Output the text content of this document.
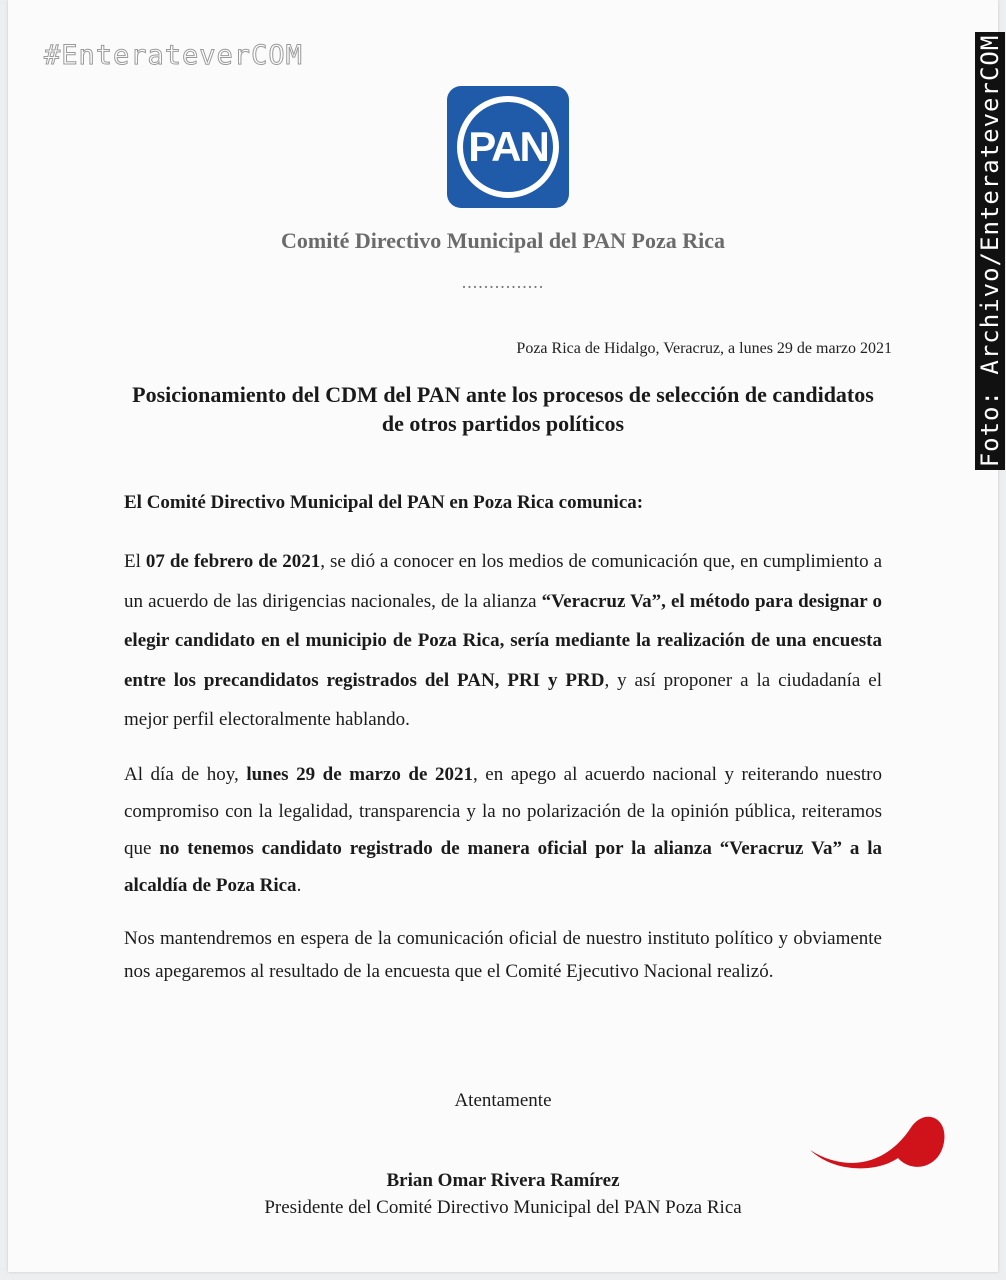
#EnterateverCOM	Foto: Archivo/EnterateverCOM
PAN
Comité Directivo Municipal del PAN Poza Rica
...............
Poza Rica de Hidalgo, Veracruz, a lunes 29 de marzo 2021
Posicionamiento del CDM del PAN ante los procesos de selección de candidatos de otros partidos políticos
El Comité Directivo Municipal del PAN en Poza Rica comunica:
El 07 de febrero de 2021, se dió a conocer en los medios de comunicación que, en cumplimiento a un acuerdo de las dirigencias nacionales, de la alianza “Veracruz Va”, el método para designar o elegir candidato en el municipio de Poza Rica, sería mediante la realización de una encuesta entre los precandidatos registrados del PAN, PRI y PRD, y así proponer a la ciudadanía el mejor perfil electoralmente hablando.
Al día de hoy, lunes 29 de marzo de 2021, en apego al acuerdo nacional y reiterando nuestro compromiso con la legalidad, transparencia y la no polarización de la opinión pública, reiteramos que no tenemos candidato registrado de manera oficial por la alianza “Veracruz Va” a la alcaldía de Poza Rica.
Nos mantendremos en espera de la comunicación oficial de nuestro instituto político y obviamente nos apegaremos al resultado de la encuesta que el Comité Ejecutivo Nacional realizó.
Atentamente
Brian Omar Rivera Ramírez
Presidente del Comité Directivo Municipal del PAN Poza Rica
